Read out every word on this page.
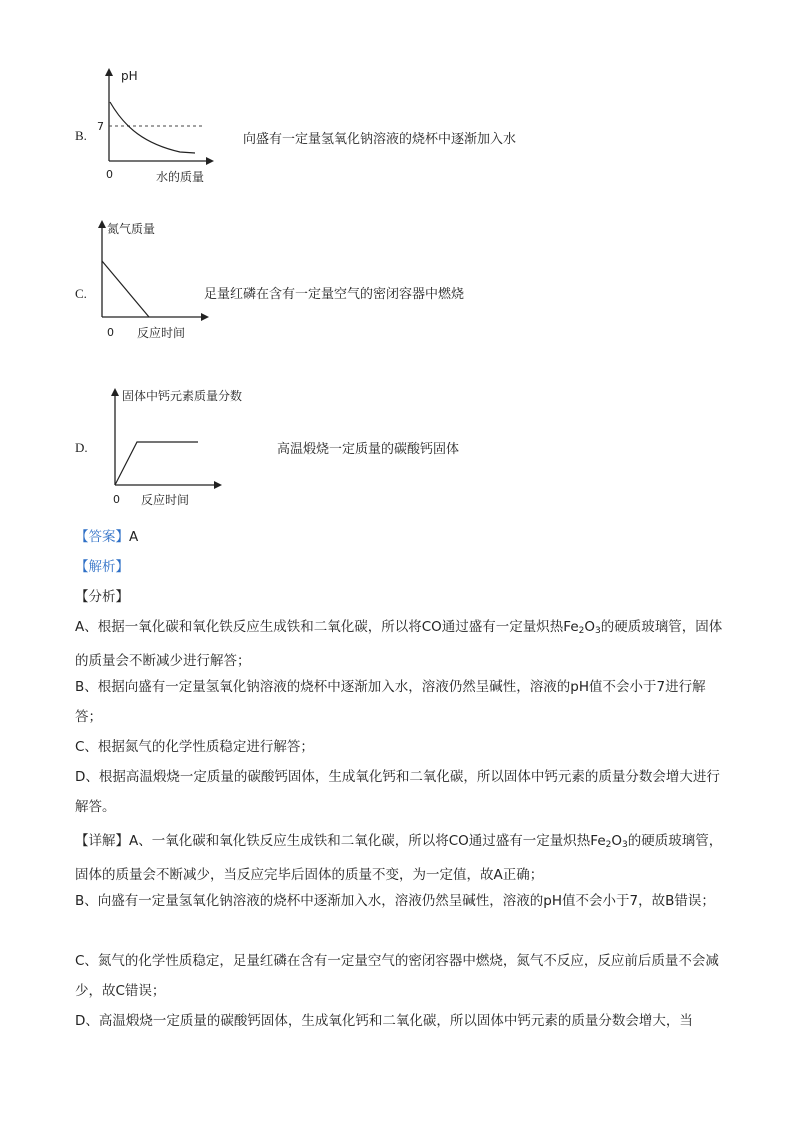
B.
pH
7
0	水的质量
向盛有一定量氢氧化钠溶液的烧杯中逐渐加入水
C.
氮气质量
0 反应时间
足量红磷在含有一定量空气的密闭容器中燃烧
D.
固体中钙元素质量分数
0 反应时间
高温煅烧一定质量的碳酸钙固体

【答案】A

【解析】

【分析】

A、根据一氧化碳和氧化铁反应生成铁和二氧化碳，所以将CO通过盛有一定量炽热$Fe_2O_3$的硬质玻璃管，固体的质量会不断减少进行解答；

B、根据向盛有一定量氢氧化钠溶液的烧杯中逐渐加入水，溶液仍然呈碱性，溶液的pH值不会小于7进行解答；

C、根据氮气的化学性质稳定进行解答；

D、根据高温煅烧一定质量的碳酸钙固体，生成氧化钙和二氧化碳，所以固体中钙元素的质量分数会增大进行解答。

【详解】A、一氧化碳和氧化铁反应生成铁和二氧化碳，所以将CO通过盛有一定量炽热$Fe_2O_3$的硬质玻璃管，固体的质量会不断减少，当反应完毕后固体的质量不变，为一定值，故A正确；

B、向盛有一定量氢氧化钠溶液的烧杯中逐渐加入水，溶液仍然呈碱性，溶液的pH值不会小于7，故B错误；

C、氮气的化学性质稳定，足量红磷在含有一定量空气的密闭容器中燃烧，氮气不反应，反应前后质量不会减少，故C错误；

D、高温煅烧一定质量的碳酸钙固体，生成氧化钙和二氧化碳，所以固体中钙元素的质量分数会增大，当
